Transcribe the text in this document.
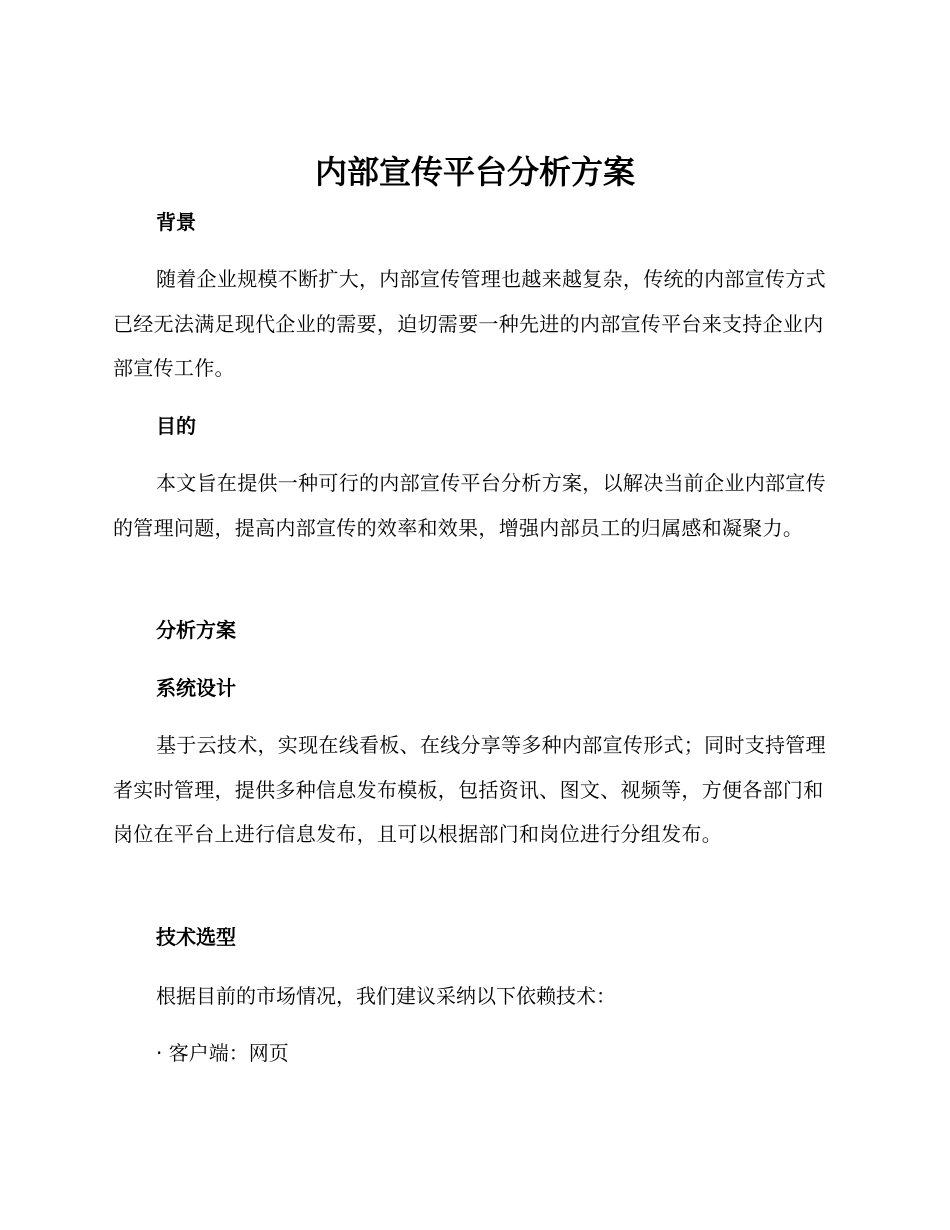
内部宣传平台分析方案
背景

随着企业规模不断扩大，内部宣传管理也越来越复杂，传统的内部宣传方式已经无法满足现代企业的需要，迫切需要一种先进的内部宣传平台来支持企业内部宣传工作。

目的

本文旨在提供一种可行的内部宣传平台分析方案，以解决当前企业内部宣传的管理问题，提高内部宣传的效率和效果，增强内部员工的归属感和凝聚力。

分析方案
系统设计

基于云技术，实现在线看板、在线分享等多种内部宣传形式；同时支持管理者实时管理，提供多种信息发布模板，包括资讯、图文、视频等，方便各部门和岗位在平台上进行信息发布，且可以根据部门和岗位进行分组发布。

技术选型

根据目前的市场情况，我们建议采纳以下依赖技术：

· 客户端：网页
